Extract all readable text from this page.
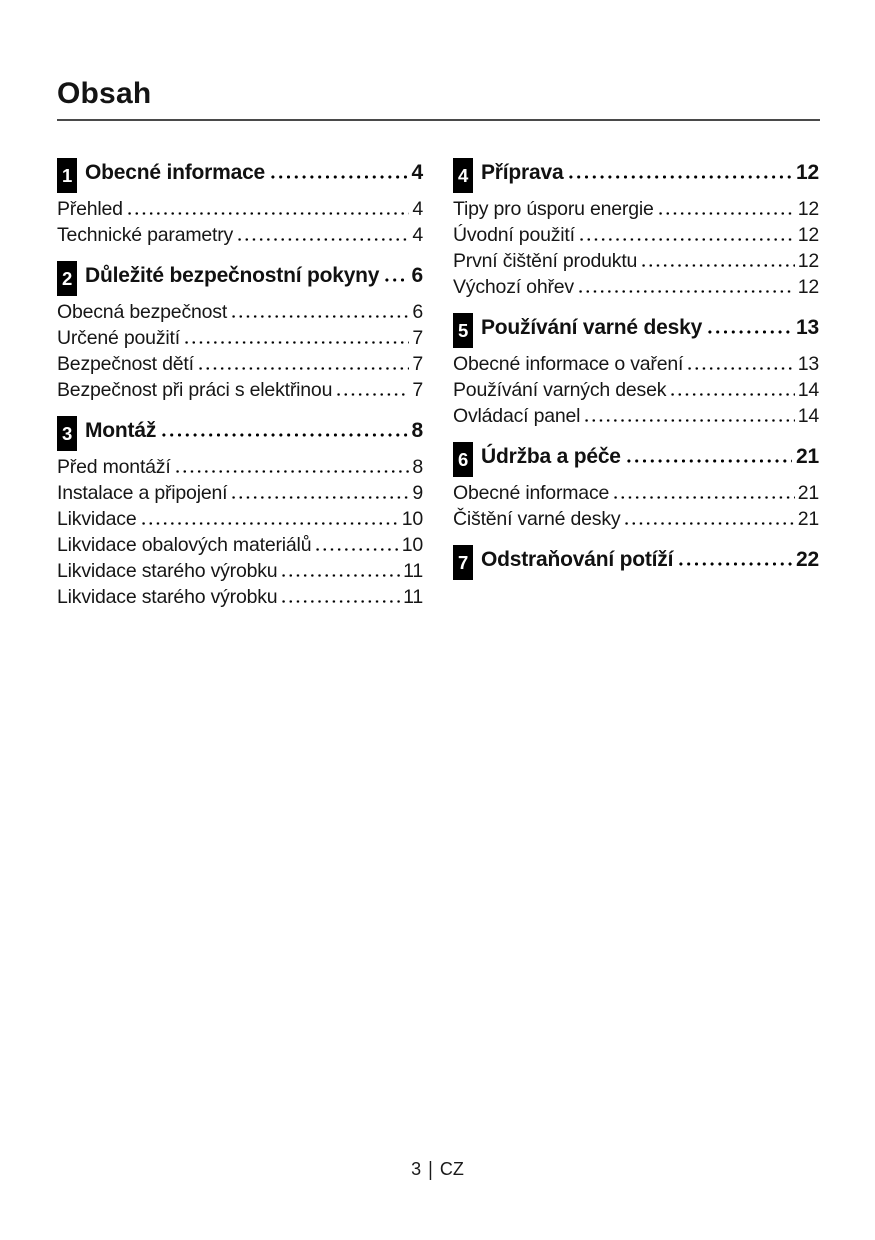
Obsah
1 Obecné informace	4
Přehled	4
Technické parametry	4
2 Důležité bezpečnostní pokyny 6
Obecná bezpečnost	6
Určené použití	7
Bezpečnost dětí	7
Bezpečnost při práci s elektřinou	7
3 Montáž	8
Před montáží	8
Instalace a připojení	9
Likvidace	10
Likvidace obalových materiálů	10
Likvidace starého výrobku	11
Likvidace starého výrobku	11
4 Příprava	12
Tipy pro úsporu energie	12
Úvodní použití	12
První čištění produktu	12
Výchozí ohřev	12
5 Používání varné desky	13
Obecné informace o vaření	13
Používání varných desek	14
Ovládací panel	14
6 Údržba a péče	21
Obecné informace	21
Čištění varné desky	21
7 Odstraňování potíží	22
3 | CZ
